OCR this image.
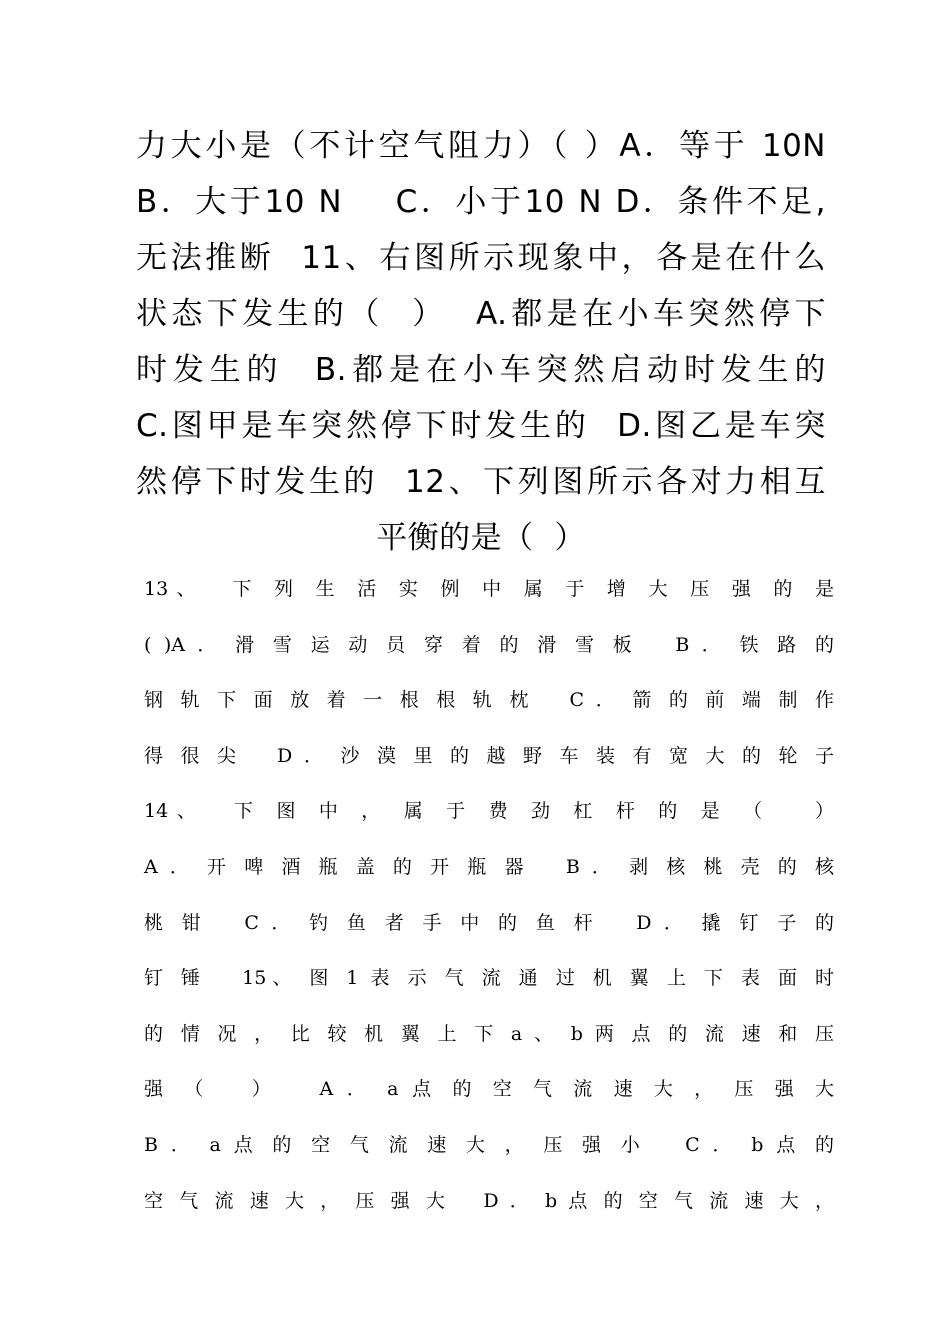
力大小是（不计空气阻力）（ ）A．等于 10N
B．大于10 N    C．小于10 N D．条件不足,
无法推断  11、右图所示现象中，各是在什么
状态下发生的（  ）  A.都是在小车突然停下
时发生的  B.都是在小车突然启动时发生的
C.图甲是车突然停下时发生的  D.图乙是车突
然停下时发生的  12、下列图所示各对力相互
平衡的是（  ）
13、  下 列 生 活 实 例 中 属 于 增 大 压 强 的 是
( )A ． 滑 雪 运 动 员 穿 着 的 滑 雪 板   B ． 铁 路 的
钢 轨 下 面 放 着 一 根 根 轨 枕   C ． 箭 的 前 端 制 作
得 很 尖   D ． 沙 漠 里 的 越 野 车 装 有 宽 大 的 轮 子
14、  下 图 中 ， 属 于 费 劲 杠 杆 的 是 （   ）
A ． 开 啤 酒 瓶 盖 的 开 瓶 器   B ． 剥 核 桃 壳 的 核
桃 钳   C ． 钓 鱼 者 手 中 的 鱼 杆   D ． 撬 钉 子 的
钉 锤   15、 图 1 表 示 气 流 通 过 机 翼 上 下 表 面 时
的 情 况 ， 比 较 机 翼 上 下 a 、 b 两 点 的 流 速 和 压
强 （   ）   A ． a 点 的 空 气 流 速 大 ， 压 强 大
B ． a 点 的 空 气 流 速 大 ， 压 强 小   C ． b 点 的
空 气 流 速 大 ， 压 强 大   D ． b 点 的 空 气 流 速 大 ，
